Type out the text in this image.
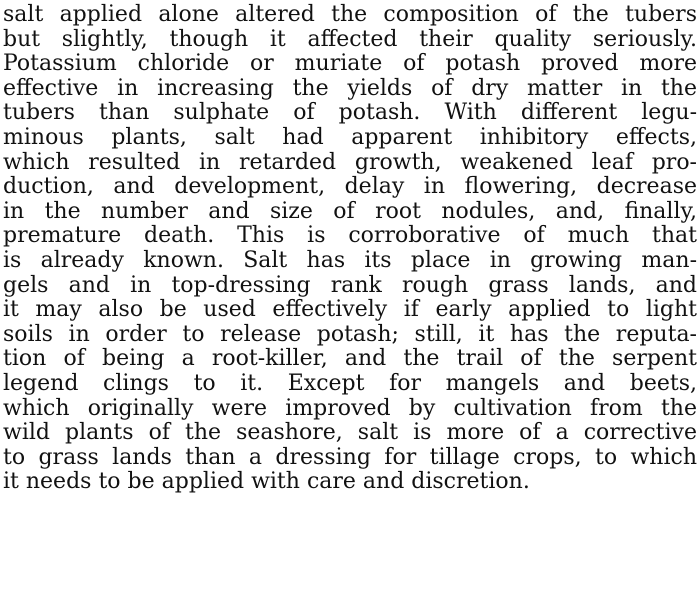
salt applied alone altered the composition of the tubers
but slightly, though it affected their quality seriously.
Potassium chloride or muriate of potash proved more
effective in increasing the yields of dry matter in the
tubers than sulphate of potash. With different legu-
minous plants, salt had apparent inhibitory effects,
which resulted in retarded growth, weakened leaf pro-
duction, and development, delay in flowering, decrease
in the number and size of root nodules, and, finally,
premature death. This is corroborative of much that
is already known. Salt has its place in growing man-
gels and in top-dressing rank rough grass lands, and
it may also be used effectively if early applied to light
soils in order to release potash; still, it has the reputa-
tion of being a root-killer, and the trail of the serpent
legend clings to it. Except for mangels and beets,
which originally were improved by cultivation from the
wild plants of the seashore, salt is more of a corrective
to grass lands than a dressing for tillage crops, to which
it needs to be applied with care and discretion.
